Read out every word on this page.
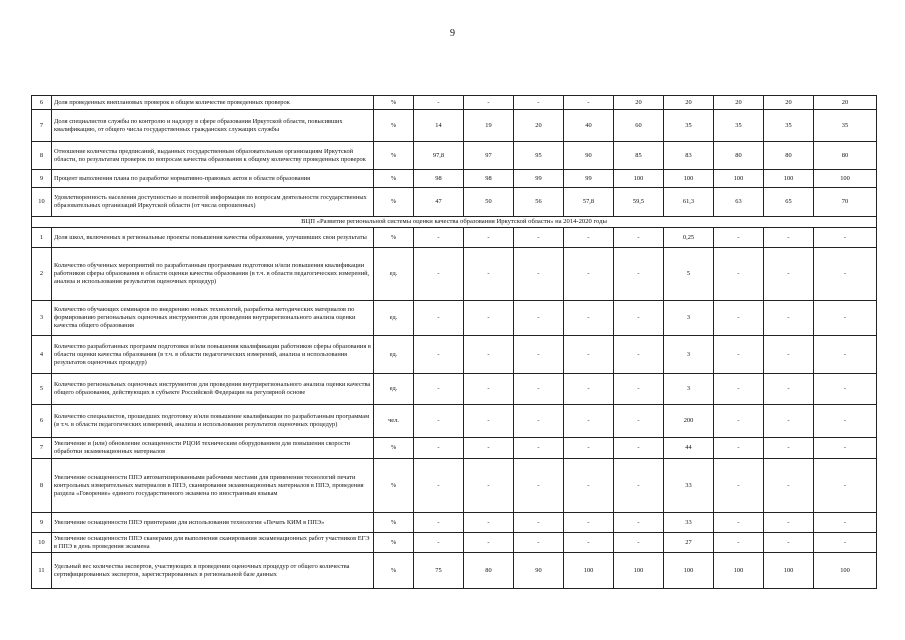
9
6	Доля проведенных внеплановых проверок в общем количестве проведенных проверок	%	-	-	-	-	20	20	20	20	20
7	Доля специалистов службы по контролю и надзору в сфере образования Иркутской области, повысивших квалификацию, от общего числа государственных гражданских служащих службы	%	14	19	20	40	60	35	35	35	35
8	Отношение количества предписаний, выданных государственным образовательным организациям Иркутской области, по результатам проверок по вопросам качества образования к общему количеству проведенных проверок	%	97,8	97	95	90	85	83	80	80	80
9	Процент выполнения плана по разработке нормативно-правовых актов в области образования	%	98	98	99	99	100	100	100	100	100
10	Удовлетворенность населения доступностью и полнотой информации по вопросам деятельности государственных образовательных организаций Иркутской области (от числа опрошенных)	%	47	50	56	57,8	59,5	61,3	63	65	70
ВЦП «Развитие региональной системы оценки качества образования Иркутской области» на 2014-2020 годы											
1	Доля школ, включенных в региональные проекты повышения качества образования, улучшивших свои результаты	%	-	-	-	-	-	0,25	-	-	-
2	Количество обученных мероприятий по разработанным программам подготовки и/или повышения квалификации работников сферы образования в области оценки качества образования (в т.ч. в области педагогических измерений, анализа и использования результатов оценочных процедур)	ед.	-	-	-	-	-	5	-	-	-
3	Количество обучающих семинаров по внедрению новых технологий, разработка методических материалов по формированию региональных оценочных инструментов для проведения внутрирегионального анализа оценки качества общего образования	ед.	-	-	-	-	-	3	-	-	-
4	Количество разработанных программ подготовки и/или повышения квалификации работников сферы образования в области оценки качества образования (в т.ч. в области педагогических измерений, анализа и использования результатов оценочных процедур)	ед.	-	-	-	-	-	3	-	-	-
5	Количество региональных оценочных инструментов для проведения внутрирегионального анализа оценки качества общего образования, действующих в субъекте Российской Федерации на регулярной основе	ед.	-	-	-	-	-	3	-	-	-
6	Количество специалистов, прошедших подготовку и/или повышение квалификации по разработанным программам (в т.ч. в области педагогических измерений, анализа и использования результатов оценочных процедур)	чел.	-	-	-	-	-	200	-	-	-
7	Увеличение и (или) обновление оснащенности РЦОИ техническим оборудованием для повышения скорости обработки экзаменационных материалов	%	-	-	-	-	-	44	-	-	-
8	Увеличение оснащенности ППЭ автоматизированными рабочими местами для применения технологий печати контрольных измерительных материалов в ППЭ, сканирования экзаменационных материалов в ППЭ, проведения раздела «Говорение» единого государственного экзамена по иностранным языкам	%	-	-	-	-	-	33	-	-	-
9	Увеличение оснащенности ППЭ принтерами для использования технологии «Печать КИМ в ППЭ»	%	-	-	-	-	-	33	-	-	-
10	Увеличение оснащенности ППЭ сканерами для выполнения сканирования экзаменационных работ участников ЕГЭ в ППЭ в день проведения экзамена	%	-	-	-	-	-	27	-	-	-
11	Удельный вес количества экспертов, участвующих в проведении оценочных процедур от общего количества сертифицированных экспертов, зарегистрированных в региональной базе данных	%	75	80	90	100	100	100	100	100	100
